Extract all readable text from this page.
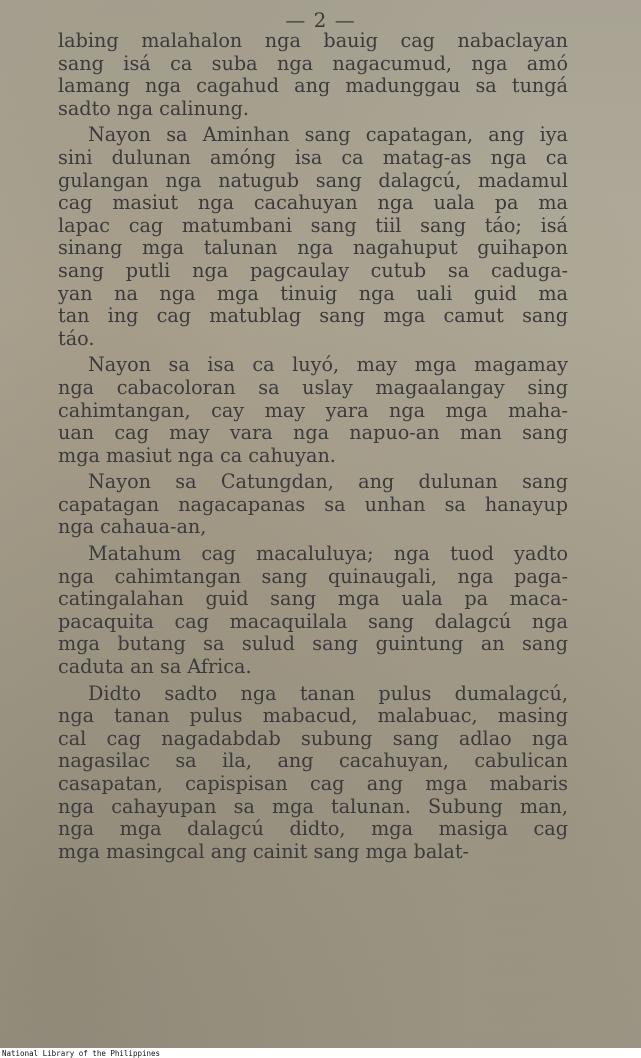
— 2 —
labing malahalon nga bauig cag nabaclayan
sang isá ca suba nga nagacumud, nga amó
lamang nga cagahud ang madunggau sa tungá
sadto nga calinung.
Nayon sa Aminhan sang capatagan, ang iya
sini dulunan amóng isa ca matag-as nga ca
gulangan nga natugub sang dalagcú, madamul
cag masiut nga cacahuyan nga uala pa ma
lapac cag matumbani sang tiil sang táo; isá
sinang mga talunan nga nagahuput guihapon
sang putli nga pagcaulay cutub sa caduga-
yan na nga mga tinuig nga uali guid ma
tan ing cag matublag sang mga camut sang
táo.
Nayon sa isa ca luyó, may mga magamay
nga cabacoloran sa uslay magaalangay sing
cahimtangan, cay may yara nga mga maha-
uan cag may vara nga napuo-an man sang
mga masiut nga ca cahuyan.
Nayon sa Catungdan, ang dulunan sang
capatagan nagacapanas sa unhan sa hanayup
nga cahaua-an,
Matahum cag macaluluya; nga tuod yadto
nga cahimtangan sang quinaugali, nga paga-
catingalahan guid sang mga uala pa maca-
pacaquita cag macaquilala sang dalagcú nga
mga butang sa sulud sang guintung an sang
caduta an sa Africa.
Didto sadto nga tanan pulus dumalagcú,
nga tanan pulus mabacud, malabuac, masing
cal cag nagadabdab subung sang adlao nga
nagasilac sa ila, ang cacahuyan, cabulican
casapatan, capispisan cag ang mga mabaris
nga cahayupan sa mga talunan. Subung man,
nga mga dalagcú didto, mga masiga cag
mga masingcal ang cainit sang mga balat-
National Library of the Philippines
